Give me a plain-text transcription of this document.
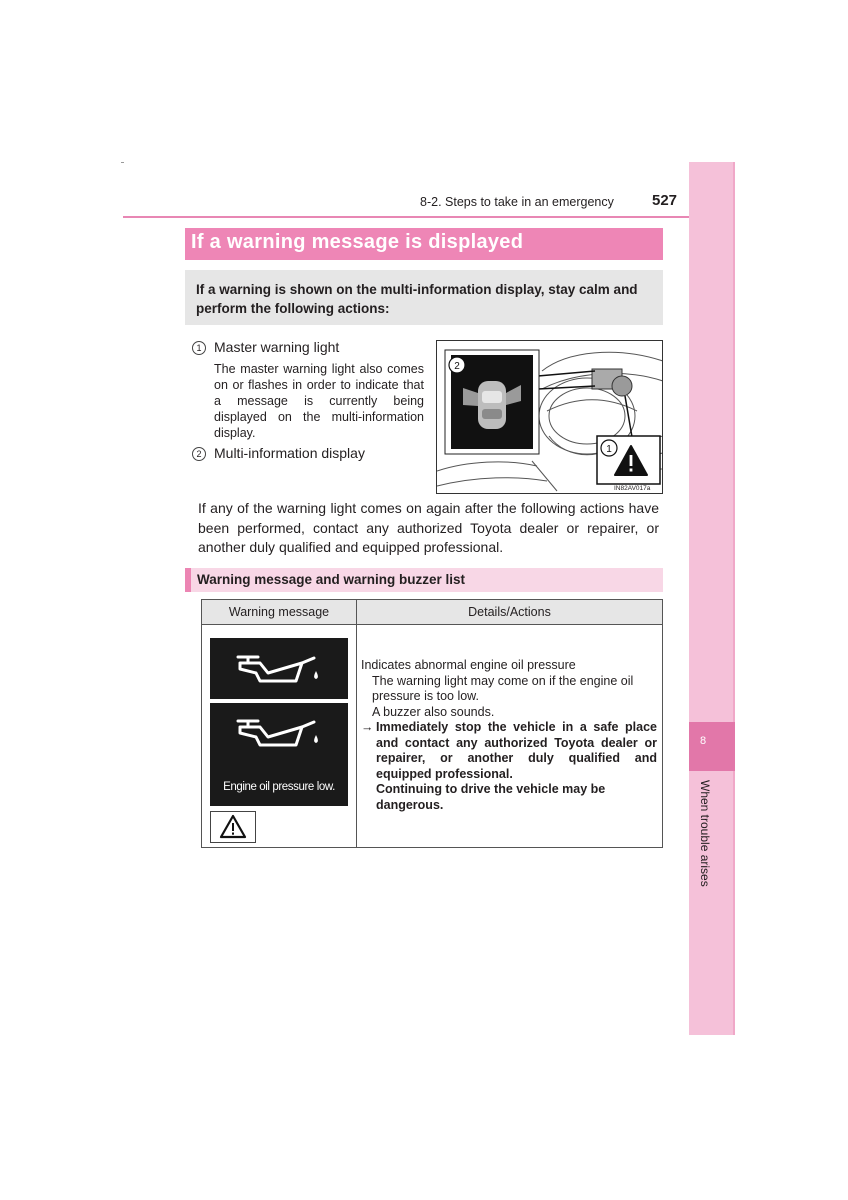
8-2. Steps to take in an emergency	527
8
When trouble arises
If a warning message is displayed
If a warning is shown on the multi-information display, stay calm and perform the following actions:
1 Master warning light
The master warning light also comes on or flashes in order to indicate that a message is currently being displayed on the multi-information display.
2 Multi-information display
2
1
IN82AV017a
If any of the warning light comes on again after the following actions have been performed, contact any authorized Toyota dealer or repairer, or another duly qualified and equipped professional.
Warning message and warning buzzer list
Warning message	Details/Actions
Engine oil pressure low.
Indicates abnormal engine oil pressure
The warning light may come on if the engine oil pressure is too low.
A buzzer also sounds.
→ Immediately stop the vehicle in a safe place and contact any authorized Toyota dealer or repairer, or another duly qualified and equipped professional.
Continuing to drive the vehicle may be dangerous.
